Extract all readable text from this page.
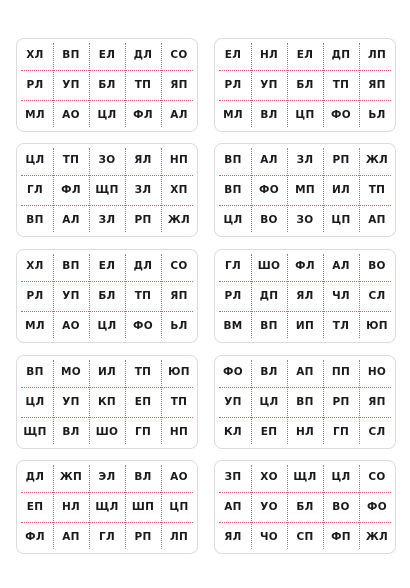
ХЛ	ВП	ЕЛ	ДЛ	СО
РЛ	УП	БЛ	ТП	ЯП
МЛ	АО	ЦЛ	ФЛ	АЛ
ЕЛ	НЛ	ЕЛ	ДП	ЛП
РЛ	УП	БЛ	ТП	ЯП
МЛ	ВЛ	ЦП	ФО	ЬЛ
ЦЛ	ТП	ЗО	ЯЛ	НП
ГЛ	ФЛ	ЩП	ЗЛ	ХП
ВП	АЛ	ЗЛ	РП	ЖЛ
ВП	АЛ	ЗЛ	РП	ЖЛ
ВП	ФО	МП	ИЛ	ТП
ЦЛ	ВО	ЗО	ЦП	АП
ХЛ	ВП	ЕЛ	ДЛ	СО
РЛ	УП	БЛ	ТП	ЯП
МЛ	АО	ЦЛ	ФО	ЬЛ
ГЛ	ШО	ФЛ	АЛ	ВО
РЛ	ДП	ЯЛ	ЧЛ	СЛ
ВМ	ВП	ИП	ТЛ	ЮП
ВП	МО	ИЛ	ТП	ЮП
ЦЛ	УП	КП	ЕП	ТП
ЩП	ВЛ	ШО	ГП	НП
ФО	ВЛ	АП	ПП	НО
УП	ЦЛ	ВП	РП	ЯП
КЛ	ЕП	НЛ	ГП	СЛ
ДЛ	ЖП	ЭЛ	ВЛ	АО
ЕП	НЛ	ЩЛ	ШП	ЦП
ФЛ	АП	ГЛ	РП	ЛП
ЗП	ХО	ЩЛ	ЦЛ	СО
АП	УО	БЛ	ВО	ФО
ЯЛ	ЧО	СП	ФП	ЖЛ
